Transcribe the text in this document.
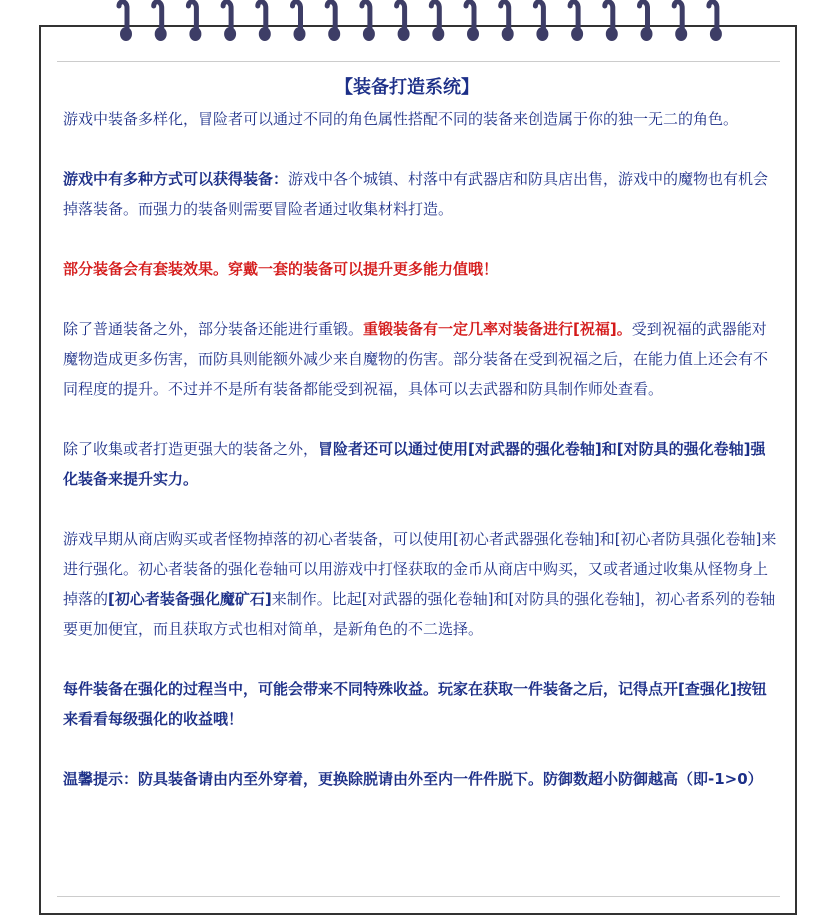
【装备打造系统】

游戏中装备多样化，冒险者可以通过不同的角色属性搭配不同的装备来创造属于你的独一无二的角色。

游戏中有多种方式可以获得装备：游戏中各个城镇、村落中有武器店和防具店出售，游戏中的魔物也有机会掉落装备。而强力的装备则需要冒险者通过收集材料打造。

部分装备会有套装效果。穿戴一套的装备可以提升更多能力值哦！

除了普通装备之外，部分装备还能进行重锻。重锻装备有一定几率对装备进行[祝福]。受到祝福的武器能对魔物造成更多伤害，而防具则能额外减少来自魔物的伤害。部分装备在受到祝福之后，在能力值上还会有不同程度的提升。不过并不是所有装备都能受到祝福，具体可以去武器和防具制作师处查看。

除了收集或者打造更强大的装备之外，冒险者还可以通过使用[对武器的强化卷轴]和[对防具的强化卷轴]强化装备来提升实力。

游戏早期从商店购买或者怪物掉落的初心者装备，可以使用[初心者武器强化卷轴]和[初心者防具强化卷轴]来进行强化。初心者装备的强化卷轴可以用游戏中打怪获取的金币从商店中购买，又或者通过收集从怪物身上掉落的[初心者装备强化魔矿石]来制作。比起[对武器的强化卷轴]和[对防具的强化卷轴]，初心者系列的卷轴要更加便宜，而且获取方式也相对简单，是新角色的不二选择。

每件装备在强化的过程当中，可能会带来不同特殊收益。玩家在获取一件装备之后，记得点开[查强化]按钮来看看每级强化的收益哦！

温馨提示：防具装备请由内至外穿着，更换除脱请由外至内一件件脱下。防御数超小防御越高（即-1>0）
